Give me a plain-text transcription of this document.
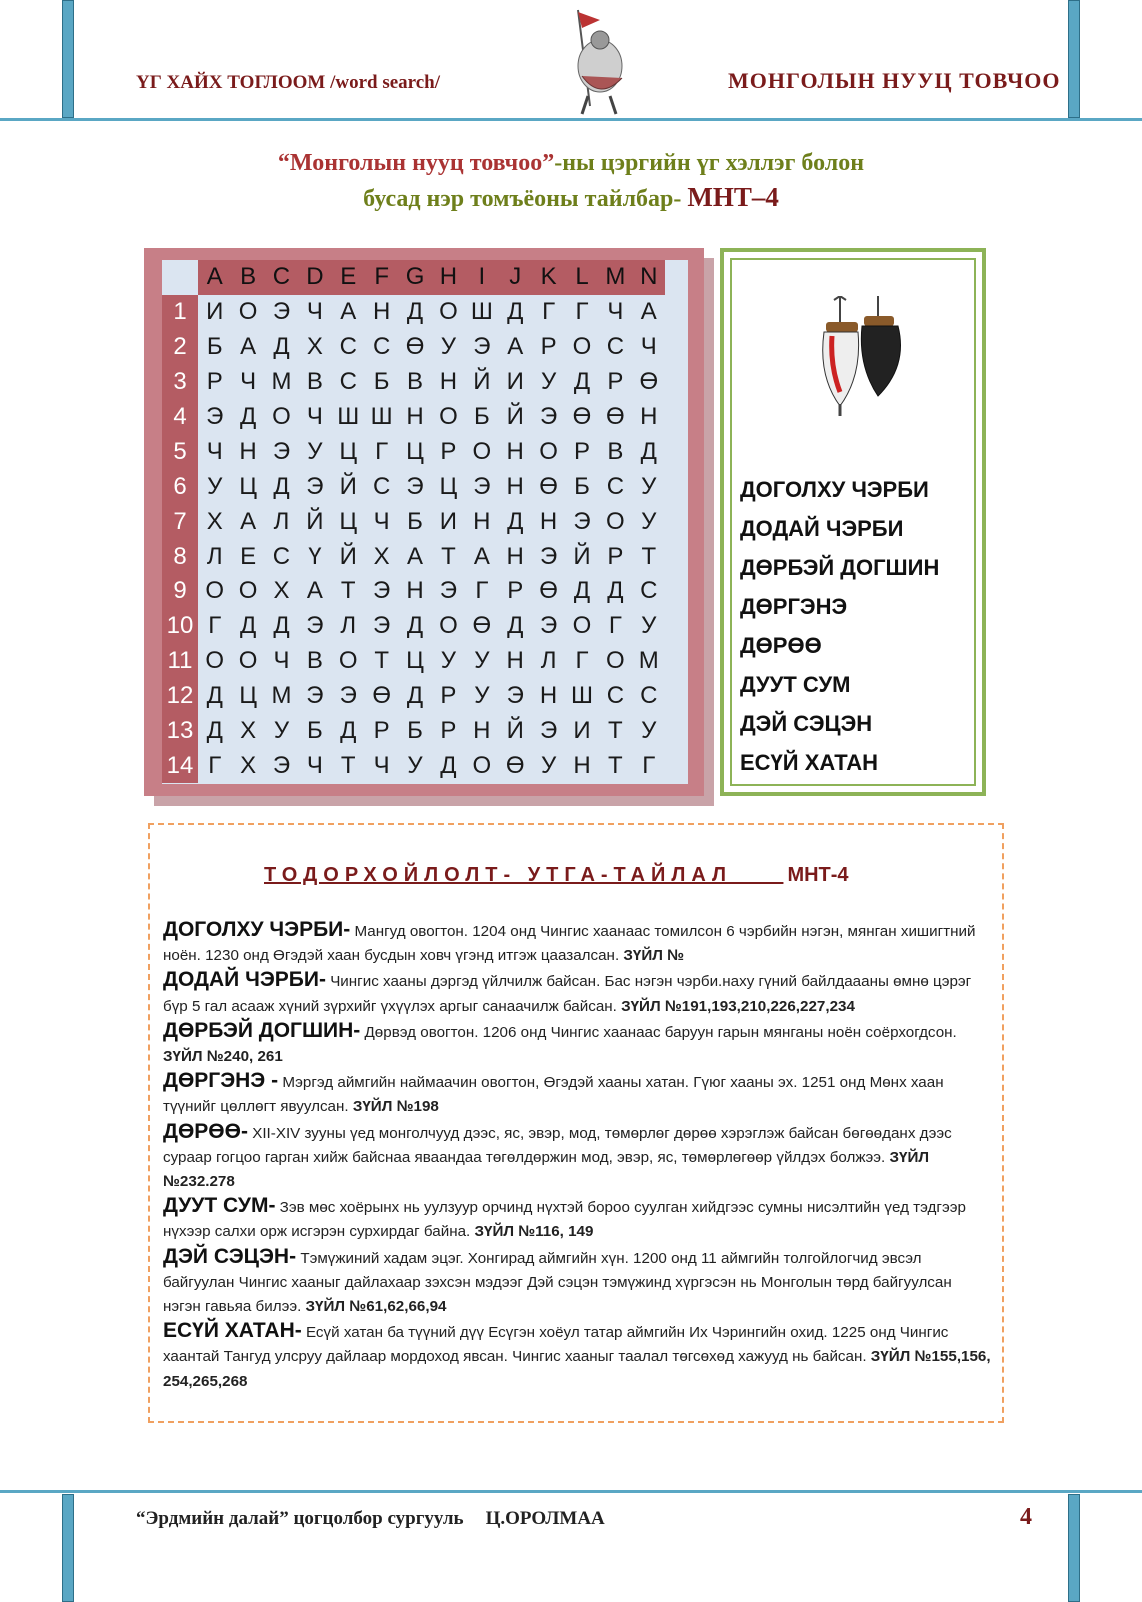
ҮГ ХАЙХ ТОГЛООМ /word search/	МОНГОЛЫН НУУЦ ТОВЧОО
“Монголын нууц товчоо”-ны цэргийн үг хэллэг болон
бусад нэр томъёоны тайлбар- МНТ–4
	A	B	C	D	E	F	G	H	I	J	K	L	M	N
1	И	О	Э	Ч	А	Н	Д	О	Ш	Д	Г	Г	Ч	А
2	Б	А	Д	Х	С	С	Ө	У	Э	А	Р	О	С	Ч
3	Р	Ч	М	В	С	Б	В	Н	Й	И	У	Д	Р	Ө
4	Э	Д	О	Ч	Ш	Ш	Н	О	Б	Й	Э	Ө	Ө	Н
5	Ч	Н	Э	У	Ц	Г	Ц	Р	О	Н	О	Р	В	Д
6	У	Ц	Д	Э	Й	С	Э	Ц	Э	Н	Ө	Б	С	У
7	Х	А	Л	Й	Ц	Ч	Б	И	Н	Д	Н	Э	О	У
8	Л	Е	С	Ү	Й	Х	А	Т	А	Н	Э	Й	Р	Т
9	О	О	Х	А	Т	Э	Н	Э	Г	Р	Ө	Д	Д	С
10	Г	Д	Д	Э	Л	Э	Д	О	Ө	Д	Э	О	Г	У
11	О	О	Ч	В	О	Т	Ц	У	У	Н	Л	Г	О	М
12	Д	Ц	М	Э	Э	Ө	Д	Р	У	Э	Н	Ш	С	С
13	Д	Х	У	Б	Д	Р	Б	Р	Н	Й	Э	И	Т	У
14	Г	Х	Э	Ч	Т	Ч	У	Д	О	Ө	У	Н	Т	Г
ДОГОЛХУ ЧЭРБИ
ДОДАЙ ЧЭРБИ
ДӨРБЭЙ ДОГШИН
ДӨРГЭНЭ
ДӨРӨӨ
ДУУТ СУМ
ДЭЙ СЭЦЭН
ЕСҮЙ ХАТАН
ТОДОРХОЙЛОЛТ- УТГА-ТАЙЛАЛ___ МНТ-4

ДОГОЛХУ ЧЭРБИ- Мангуд овогтон. 1204 онд Чингис хаанаас томилсон 6 чэрбийн нэгэн, мянган хишигтний ноён. 1230 онд Өгэдэй хаан бусдын ховч үгэнд итгэж цаазалсан. ЗҮЙЛ №

ДОДАЙ ЧЭРБИ- Чингис хааны дэргэд үйлчилж байсан. Бас нэгэн чэрби.наху гүний байлдаааны өмнө цэрэг бүр 5 гал асааж хүний зүрхийг үхүүлэх аргыг санаачилж байсан. ЗҮЙЛ №191,193,210,226,227,234

ДӨРБЭЙ ДОГШИН- Дөрвэд овогтон. 1206 онд Чингис хаанаас баруун гарын мянганы ноён соёрхогдсон. ЗҮЙЛ №240, 261

ДӨРГЭНЭ - Мэргэд аймгийн наймаачин овогтон, Өгэдэй хааны хатан. Гүюг хааны эх. 1251 онд Мөнх хаан түүнийг цөллөгт явуулсан. ЗҮЙЛ №198

ДӨРӨӨ- XII-XIV зууны үед монголчууд дээс, яс, эвэр, мод, төмөрлөг дөрөө хэрэглэж байсан бөгөөданх дээс сураар гогцоо гарган хийж байснаа яваандаа төгөлдөржин мод, эвэр, яс, төмөрлөгөөр үйлдэх болжээ. ЗҮЙЛ №232.278

ДУУТ СУМ- Зэв мөс хоёрынх нь уулзуур орчинд нүхтэй бороо суулган хийдгээс сумны нисэлтийн үед тэдгээр нүхээр салхи орж исгэрэн сурхирдаг байна. ЗҮЙЛ №116, 149

ДЭЙ СЭЦЭН- Тэмүжиний хадам эцэг. Хонгирад аймгийн хүн. 1200 онд 11 аймгийн толгойлогчид эвсэл байгуулан Чингис хааныг дайлахаар зэхсэн мэдээг Дэй сэцэн тэмүжинд хүргэсэн нь Монголын төрд байгуулсан нэгэн гавьяа билээ. ЗҮЙЛ №61,62,66,94

ЕСҮЙ ХАТАН- Есүй хатан ба түүний дүү Есүгэн хоёул татар аймгийн Их Чэрингийн охид. 1225 онд Чингис хаантай Тангуд улсруу дайлаар мордоход явсан. Чингис хааныг таалал төгсөхөд хажууд нь байсан. ЗҮЙЛ №155,156, 254,265,268

“Эрдмийн далай” цогцолбор сургууль Ц.ОРОЛМАА	4
